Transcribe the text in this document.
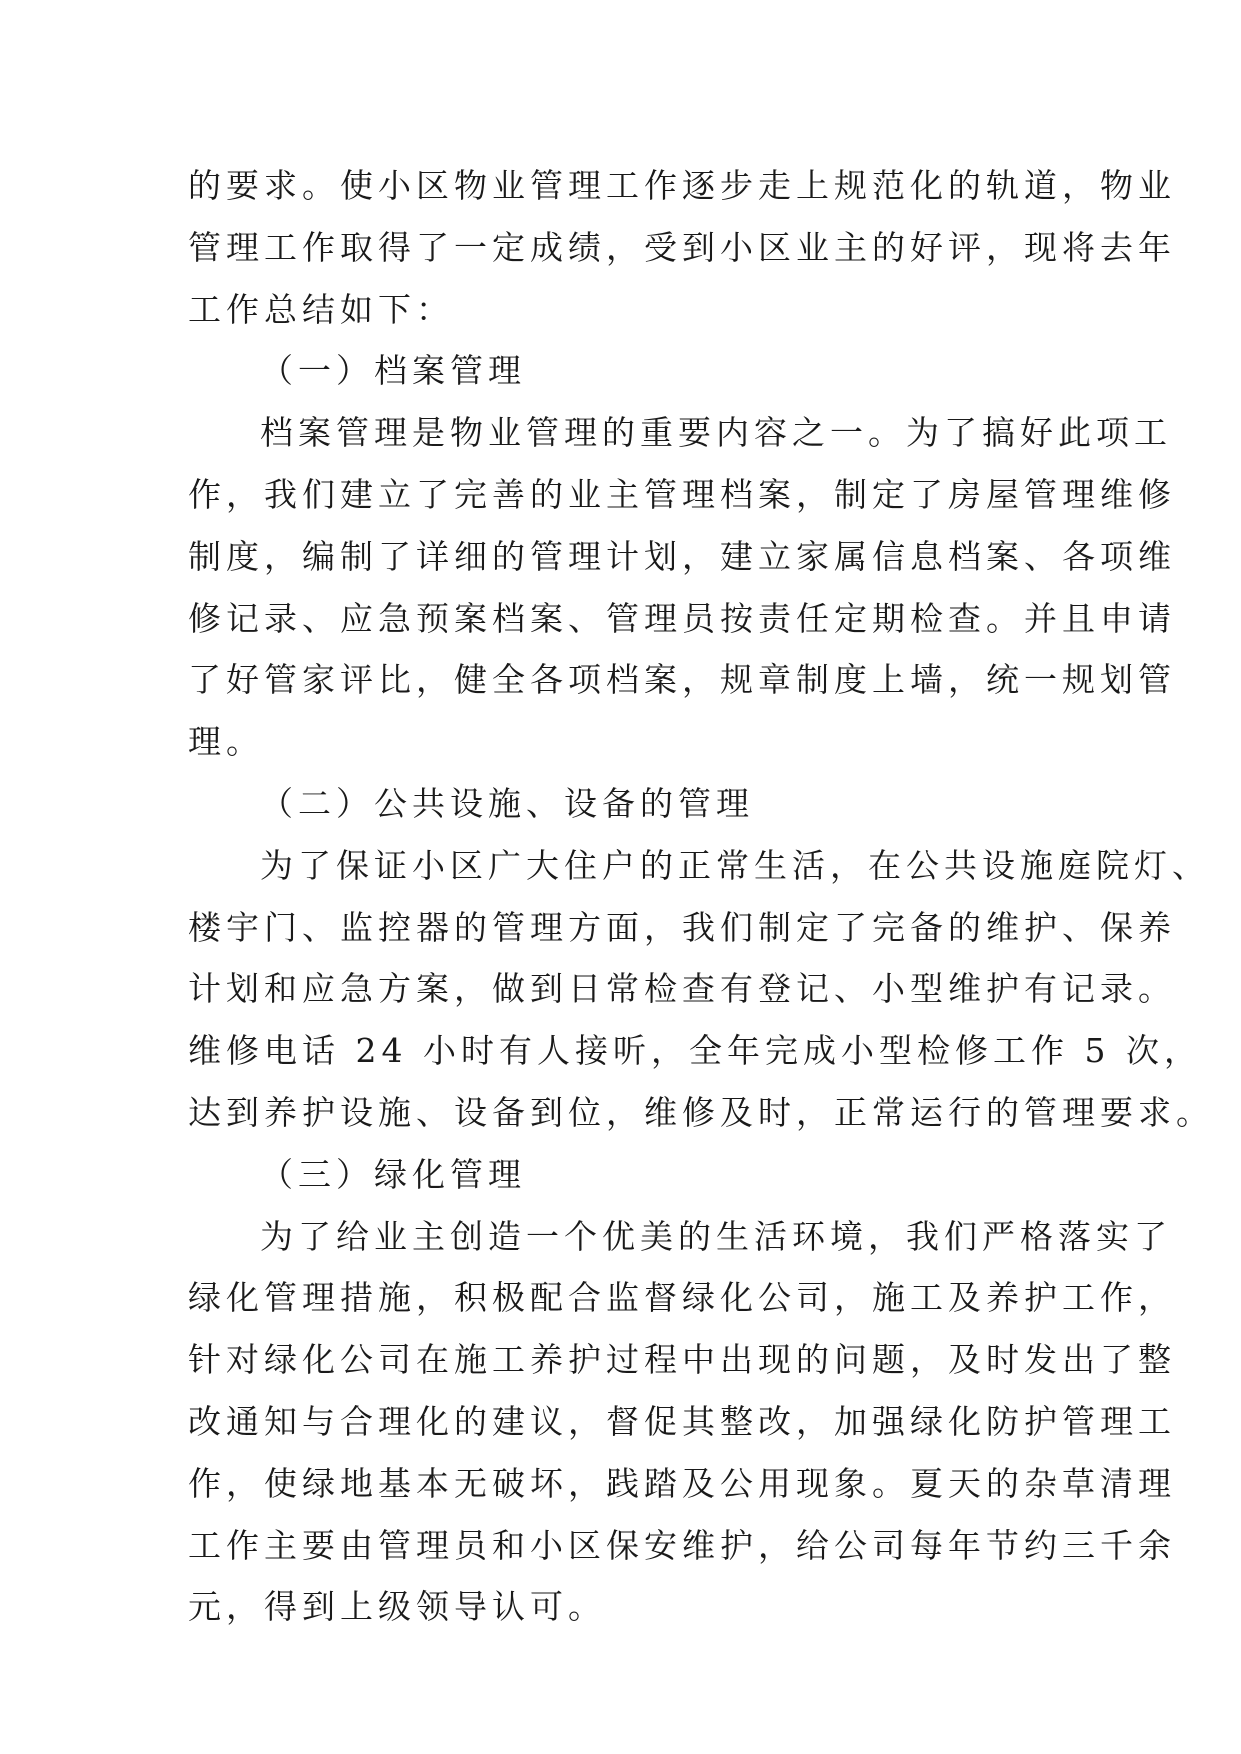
的要求。使小区物业管理工作逐步走上规范化的轨道，物业

管理工作取得了一定成绩，受到小区业主的好评，现将去年

工作总结如下：

（一）档案管理

档案管理是物业管理的重要内容之一。为了搞好此项工

作，我们建立了完善的业主管理档案，制定了房屋管理维修

制度，编制了详细的管理计划，建立家属信息档案、各项维

修记录、应急预案档案、管理员按责任定期检查。并且申请

了好管家评比，健全各项档案，规章制度上墙，统一规划管

理。

（二）公共设施、设备的管理

为了保证小区广大住户的正常生活，在公共设施庭院灯、

楼宇门、监控器的管理方面，我们制定了完备的维护、保养

计划和应急方案，做到日常检查有登记、小型维护有记录。

维修电话 24 小时有人接听，全年完成小型检修工作 5 次，

达到养护设施、设备到位，维修及时，正常运行的管理要求。

（三）绿化管理

为了给业主创造一个优美的生活环境，我们严格落实了

绿化管理措施，积极配合监督绿化公司，施工及养护工作，

针对绿化公司在施工养护过程中出现的问题，及时发出了整

改通知与合理化的建议，督促其整改，加强绿化防护管理工

作，使绿地基本无破坏，践踏及公用现象。夏天的杂草清理

工作主要由管理员和小区保安维护，给公司每年节约三千余

元，得到上级领导认可。
